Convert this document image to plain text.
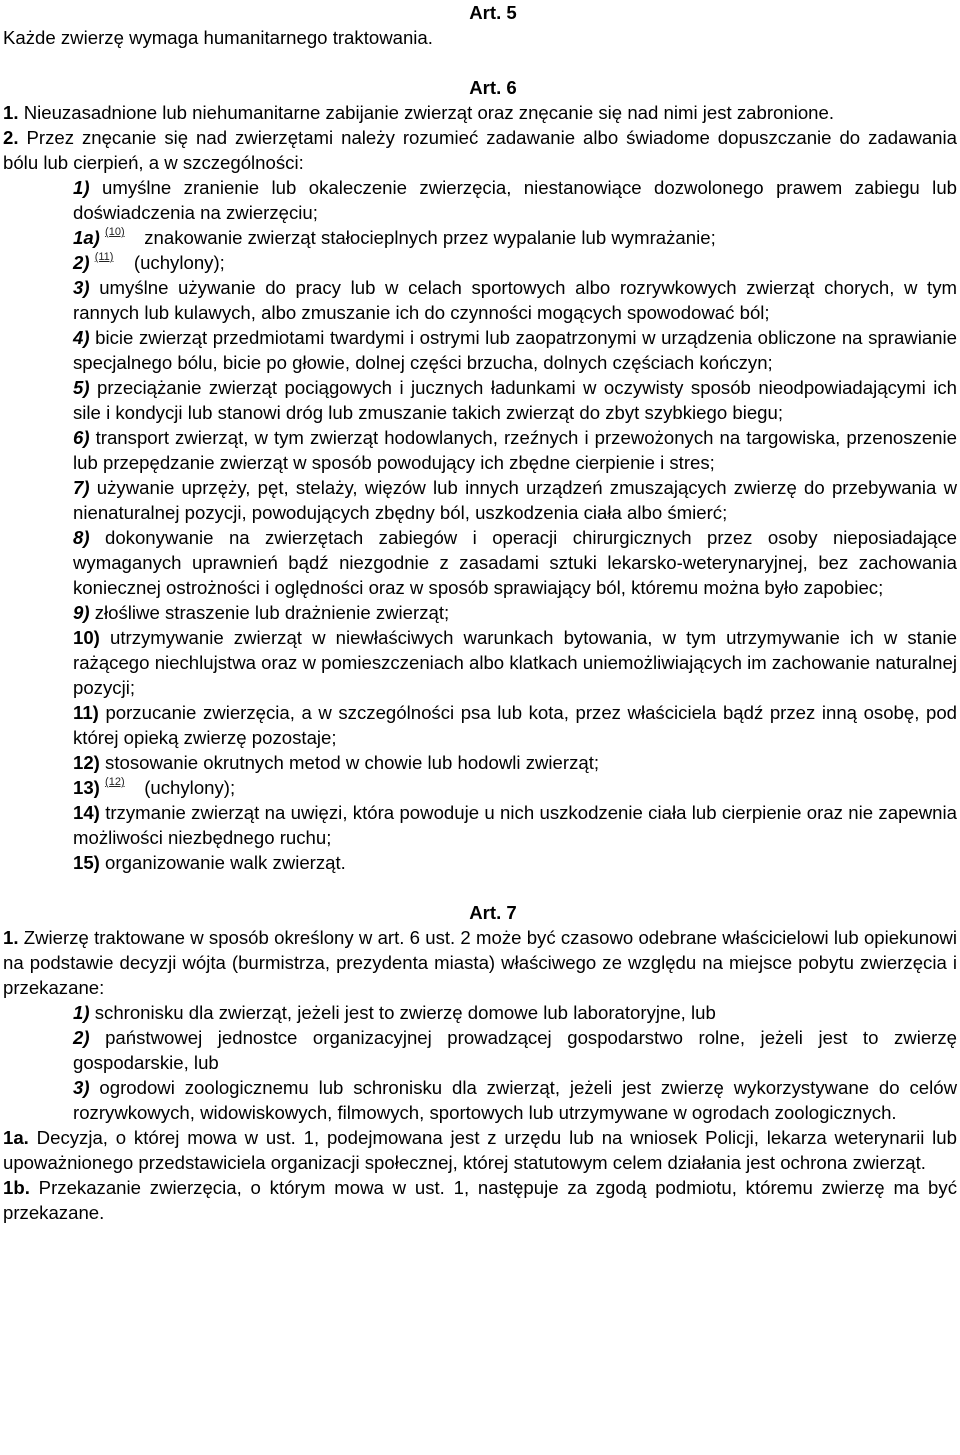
Art. 5
Każde zwierzę wymaga humanitarnego traktowania.
Art. 6
1. Nieuzasadnione lub niehumanitarne zabijanie zwierząt oraz znęcanie się nad nimi jest zabronione.
2. Przez znęcanie się nad zwierzętami należy rozumieć zadawanie albo świadome dopuszczanie do zadawania bólu lub cierpień, a w szczególności:
1) umyślne zranienie lub okaleczenie zwierzęcia, niestanowiące dozwolonego prawem zabiegu lub doświadczenia na zwierzęciu;
1a) (10) znakowanie zwierząt stałocieplnych przez wypalanie lub wymrażanie;
2) (11) (uchylony);
3) umyślne używanie do pracy lub w celach sportowych albo rozrywkowych zwierząt chorych, w tym rannych lub kulawych, albo zmuszanie ich do czynności mogących spowodować ból;
4) bicie zwierząt przedmiotami twardymi i ostrymi lub zaopatrzonymi w urządzenia obliczone na sprawianie specjalnego bólu, bicie po głowie, dolnej części brzucha, dolnych częściach kończyn;
5) przeciążanie zwierząt pociągowych i jucznych ładunkami w oczywisty sposób nieodpowiadającymi ich sile i kondycji lub stanowi dróg lub zmuszanie takich zwierząt do zbyt szybkiego biegu;
6) transport zwierząt, w tym zwierząt hodowlanych, rzeźnych i przewożonych na targowiska, przenoszenie lub przepędzanie zwierząt w sposób powodujący ich zbędne cierpienie i stres;
7) używanie uprzęży, pęt, stelaży, więzów lub innych urządzeń zmuszających zwierzę do przebywania w nienaturalnej pozycji, powodujących zbędny ból, uszkodzenia ciała albo śmierć;
8) dokonywanie na zwierzętach zabiegów i operacji chirurgicznych przez osoby nieposiadające wymaganych uprawnień bądź niezgodnie z zasadami sztuki lekarsko-weterynaryjnej, bez zachowania koniecznej ostrożności i oględności oraz w sposób sprawiający ból, któremu można było zapobiec;
9) złośliwe straszenie lub drażnienie zwierząt;
10) utrzymywanie zwierząt w niewłaściwych warunkach bytowania, w tym utrzymywanie ich w stanie rażącego niechlujstwa oraz w pomieszczeniach albo klatkach uniemożliwiających im zachowanie naturalnej pozycji;
11) porzucanie zwierzęcia, a w szczególności psa lub kota, przez właściciela bądź przez inną osobę, pod której opieką zwierzę pozostaje;
12) stosowanie okrutnych metod w chowie lub hodowli zwierząt;
13) (12) (uchylony);
14) trzymanie zwierząt na uwięzi, która powoduje u nich uszkodzenie ciała lub cierpienie oraz nie zapewnia możliwości niezbędnego ruchu;
15) organizowanie walk zwierząt.
Art. 7
1. Zwierzę traktowane w sposób określony w art. 6 ust. 2 może być czasowo odebrane właścicielowi lub opiekunowi na podstawie decyzji wójta (burmistrza, prezydenta miasta) właściwego ze względu na miejsce pobytu zwierzęcia i przekazane:
1) schronisku dla zwierząt, jeżeli jest to zwierzę domowe lub laboratoryjne, lub
2) państwowej jednostce organizacyjnej prowadzącej gospodarstwo rolne, jeżeli jest to zwierzę gospodarskie, lub
3) ogrodowi zoologicznemu lub schronisku dla zwierząt, jeżeli jest zwierzę wykorzystywane do celów rozrywkowych, widowiskowych, filmowych, sportowych lub utrzymywane w ogrodach zoologicznych.
1a. Decyzja, o której mowa w ust. 1, podejmowana jest z urzędu lub na wniosek Policji, lekarza weterynarii lub upoważnionego przedstawiciela organizacji społecznej, której statutowym celem działania jest ochrona zwierząt.
1b. Przekazanie zwierzęcia, o którym mowa w ust. 1, następuje za zgodą podmiotu, któremu zwierzę ma być przekazane.
